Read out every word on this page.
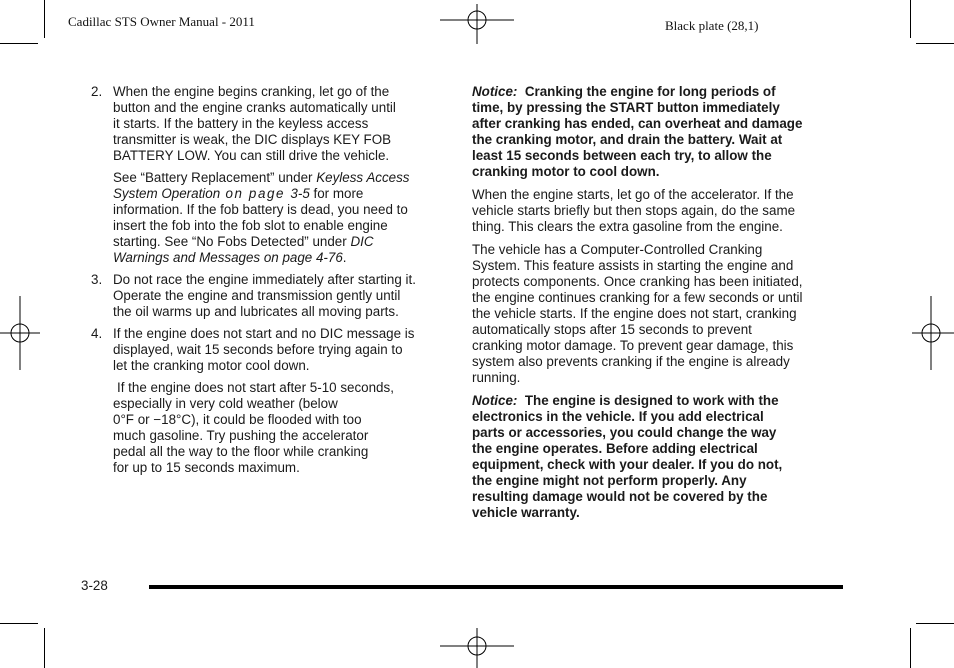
Cadillac STS Owner Manual - 2011	Black plate (28,1)
2. When the engine begins cranking, let go of the
button and the engine cranks automatically until
it starts. If the battery in the keyless access
transmitter is weak, the DIC displays KEY FOB
BATTERY LOW. You can still drive the vehicle.
See “Battery Replacement” under Keyless Access
System Operation on page 3-5 for more
information. If the fob battery is dead, you need to
insert the fob into the fob slot to enable engine
starting. See “No Fobs Detected” under DIC
Warnings and Messages on page 4-76.
3. Do not race the engine immediately after starting it.
Operate the engine and transmission gently until
the oil warms up and lubricates all moving parts.
4. If the engine does not start and no DIC message is
displayed, wait 15 seconds before trying again to
let the cranking motor cool down.
If the engine does not start after 5-10 seconds,
especially in very cold weather (below
0°F or −18°C), it could be flooded with too
much gasoline. Try pushing the accelerator
pedal all the way to the floor while cranking
for up to 15 seconds maximum.
Notice: Cranking the engine for long periods of
time, by pressing the START button immediately
after cranking has ended, can overheat and damage
the cranking motor, and drain the battery. Wait at
least 15 seconds between each try, to allow the
cranking motor to cool down.
When the engine starts, let go of the accelerator. If the
vehicle starts briefly but then stops again, do the same
thing. This clears the extra gasoline from the engine.
The vehicle has a Computer-Controlled Cranking
System. This feature assists in starting the engine and
protects components. Once cranking has been initiated,
the engine continues cranking for a few seconds or until
the vehicle starts. If the engine does not start, cranking
automatically stops after 15 seconds to prevent
cranking motor damage. To prevent gear damage, this
system also prevents cranking if the engine is already
running.
Notice: The engine is designed to work with the
electronics in the vehicle. If you add electrical
parts or accessories, you could change the way
the engine operates. Before adding electrical
equipment, check with your dealer. If you do not,
the engine might not perform properly. Any
resulting damage would not be covered by the
vehicle warranty.
3-28
